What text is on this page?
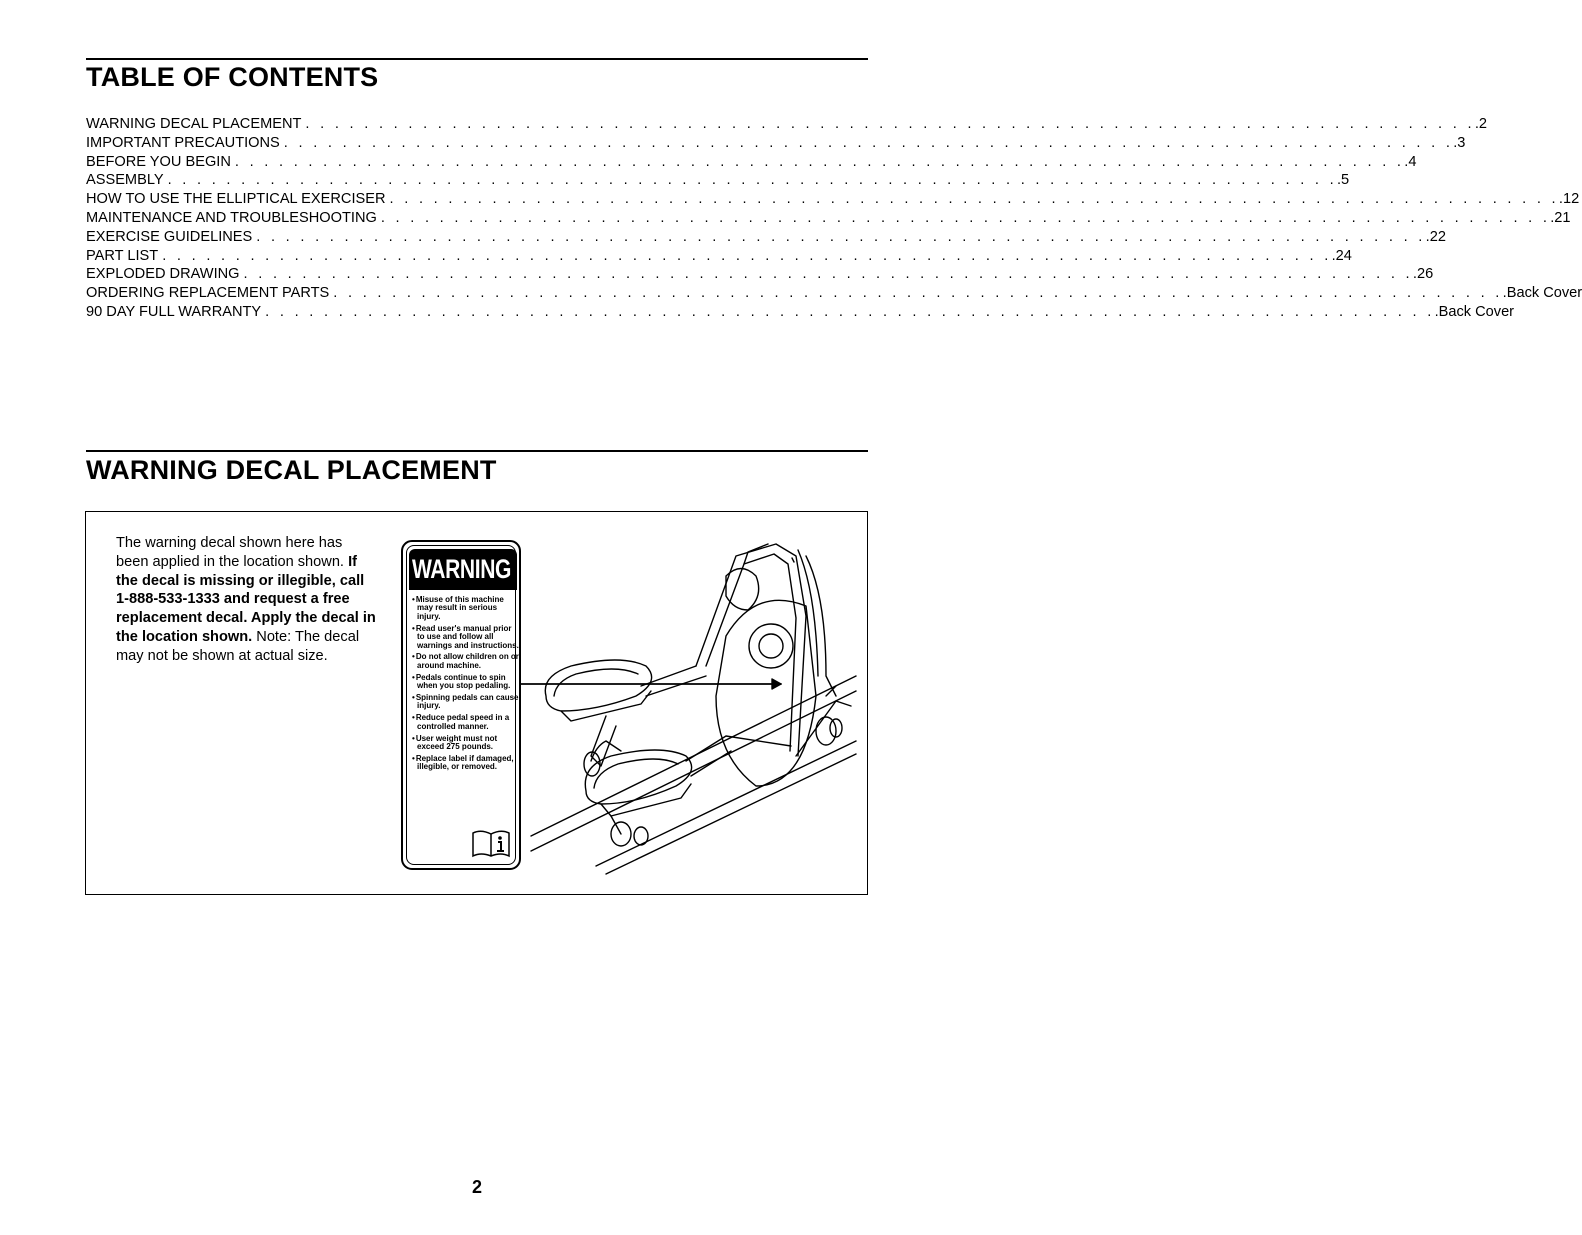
TABLE OF CONTENTS
WARNING DECAL PLACEMENT . . . . . . . . . . . . . . . . . . . . . . . . . . . . . . . . . . . . . . . . . . . . . . . . . . . . . . . . . . . . . . . . . . . . . . . . . . . . . . . . .2
IMPORTANT PRECAUTIONS . . . . . . . . . . . . . . . . . . . . . . . . . . . . . . . . . . . . . . . . . . . . . . . . . . . . . . . . . . . . . . . . . . . . . . . . . . . . . . . . .3
BEFORE YOU BEGIN . . . . . . . . . . . . . . . . . . . . . . . . . . . . . . . . . . . . . . . . . . . . . . . . . . . . . . . . . . . . . . . . . . . . . . . . . . . . . . . . .4
ASSEMBLY . . . . . . . . . . . . . . . . . . . . . . . . . . . . . . . . . . . . . . . . . . . . . . . . . . . . . . . . . . . . . . . . . . . . . . . . . . . . . . . . .5
HOW TO USE THE ELLIPTICAL EXERCISER . . . . . . . . . . . . . . . . . . . . . . . . . . . . . . . . . . . . . . . . . . . . . . . . . . . . . . . . . . . . . . . . . . . . . . . . . . . . . . . . .12
MAINTENANCE AND TROUBLESHOOTING . . . . . . . . . . . . . . . . . . . . . . . . . . . . . . . . . . . . . . . . . . . . . . . . . . . . . . . . . . . . . . . . . . . . . . . . . . . . . . . . .21
EXERCISE GUIDELINES . . . . . . . . . . . . . . . . . . . . . . . . . . . . . . . . . . . . . . . . . . . . . . . . . . . . . . . . . . . . . . . . . . . . . . . . . . . . . . . . .22
PART LIST . . . . . . . . . . . . . . . . . . . . . . . . . . . . . . . . . . . . . . . . . . . . . . . . . . . . . . . . . . . . . . . . . . . . . . . . . . . . . . . . .24
EXPLODED DRAWING . . . . . . . . . . . . . . . . . . . . . . . . . . . . . . . . . . . . . . . . . . . . . . . . . . . . . . . . . . . . . . . . . . . . . . . . . . . . . . . . .26
ORDERING REPLACEMENT PARTS . . . . . . . . . . . . . . . . . . . . . . . . . . . . . . . . . . . . . . . . . . . . . . . . . . . . . . . . . . . . . . . . . . . . . . . . . . . . . . . . .Back Cover
90 DAY FULL WARRANTY . . . . . . . . . . . . . . . . . . . . . . . . . . . . . . . . . . . . . . . . . . . . . . . . . . . . . . . . . . . . . . . . . . . . . . . . . . . . . . . . .Back Cover
WARNING DECAL PLACEMENT

The warning decal shown here has been applied in the location shown. If the decal is missing or illegible, call 1-888-533-1333 and request a free replacement decal. Apply the decal in the location shown. Note: The decal may not be shown at actual size.

WARNING
• Misuse of this machine may result in serious injury.
• Read user's manual prior to use and follow all warnings and instructions.
• Do not allow children on or around machine.
• Pedals continue to spin when you stop pedaling.
• Spinning pedals can cause injury.
• Reduce pedal speed in a controlled manner.
• User weight must not exceed 275 pounds.
• Replace label if damaged, illegible, or removed.
2
